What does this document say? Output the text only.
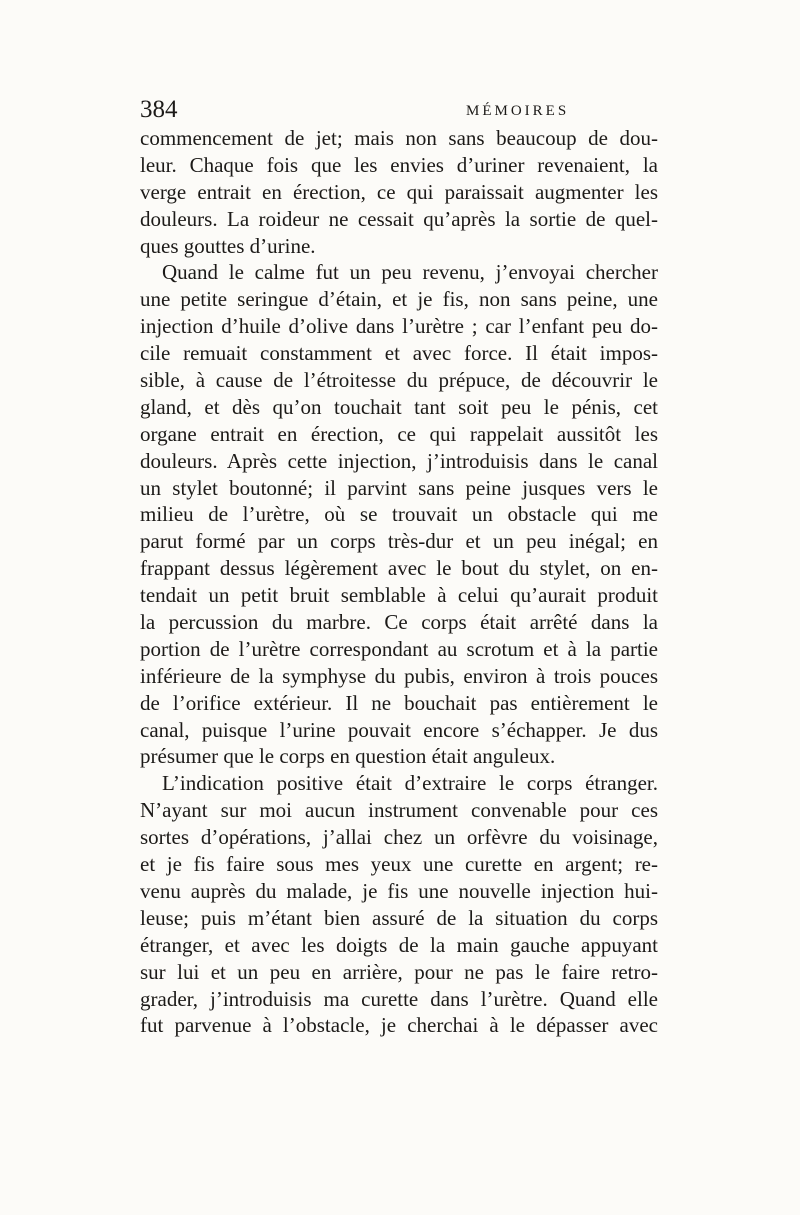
384	MÉMOIRES
commencement de jet; mais non sans beaucoup de dou-
leur. Chaque fois que les envies d’uriner revenaient, la
verge entrait en érection, ce qui paraissait augmenter les
douleurs. La roideur ne cessait qu’après la sortie de quel-
ques gouttes d’urine.
Quand le calme fut un peu revenu, j’envoyai chercher
une petite seringue d’étain, et je fis, non sans peine, une
injection d’huile d’olive dans l’urètre ; car l’enfant peu do-
cile remuait constamment et avec force. Il était impos-
sible, à cause de l’étroitesse du prépuce, de découvrir le
gland, et dès qu’on touchait tant soit peu le pénis, cet
organe entrait en érection, ce qui rappelait aussitôt les
douleurs. Après cette injection, j’introduisis dans le canal
un stylet boutonné; il parvint sans peine jusques vers le
milieu de l’urètre, où se trouvait un obstacle qui me
parut formé par un corps très-dur et un peu inégal; en
frappant dessus légèrement avec le bout du stylet, on en-
tendait un petit bruit semblable à celui qu’aurait produit
la percussion du marbre. Ce corps était arrêté dans la
portion de l’urètre correspondant au scrotum et à la partie
inférieure de la symphyse du pubis, environ à trois pouces
de l’orifice extérieur. Il ne bouchait pas entièrement le
canal, puisque l’urine pouvait encore s’échapper. Je dus
présumer que le corps en question était anguleux.
L’indication positive était d’extraire le corps étranger.
N’ayant sur moi aucun instrument convenable pour ces
sortes d’opérations, j’allai chez un orfèvre du voisinage,
et je fis faire sous mes yeux une curette en argent; re-
venu auprès du malade, je fis une nouvelle injection hui-
leuse; puis m’étant bien assuré de la situation du corps
étranger, et avec les doigts de la main gauche appuyant
sur lui et un peu en arrière, pour ne pas le faire retro-
grader, j’introduisis ma curette dans l’urètre. Quand elle
fut parvenue à l’obstacle, je cherchai à le dépasser avec
